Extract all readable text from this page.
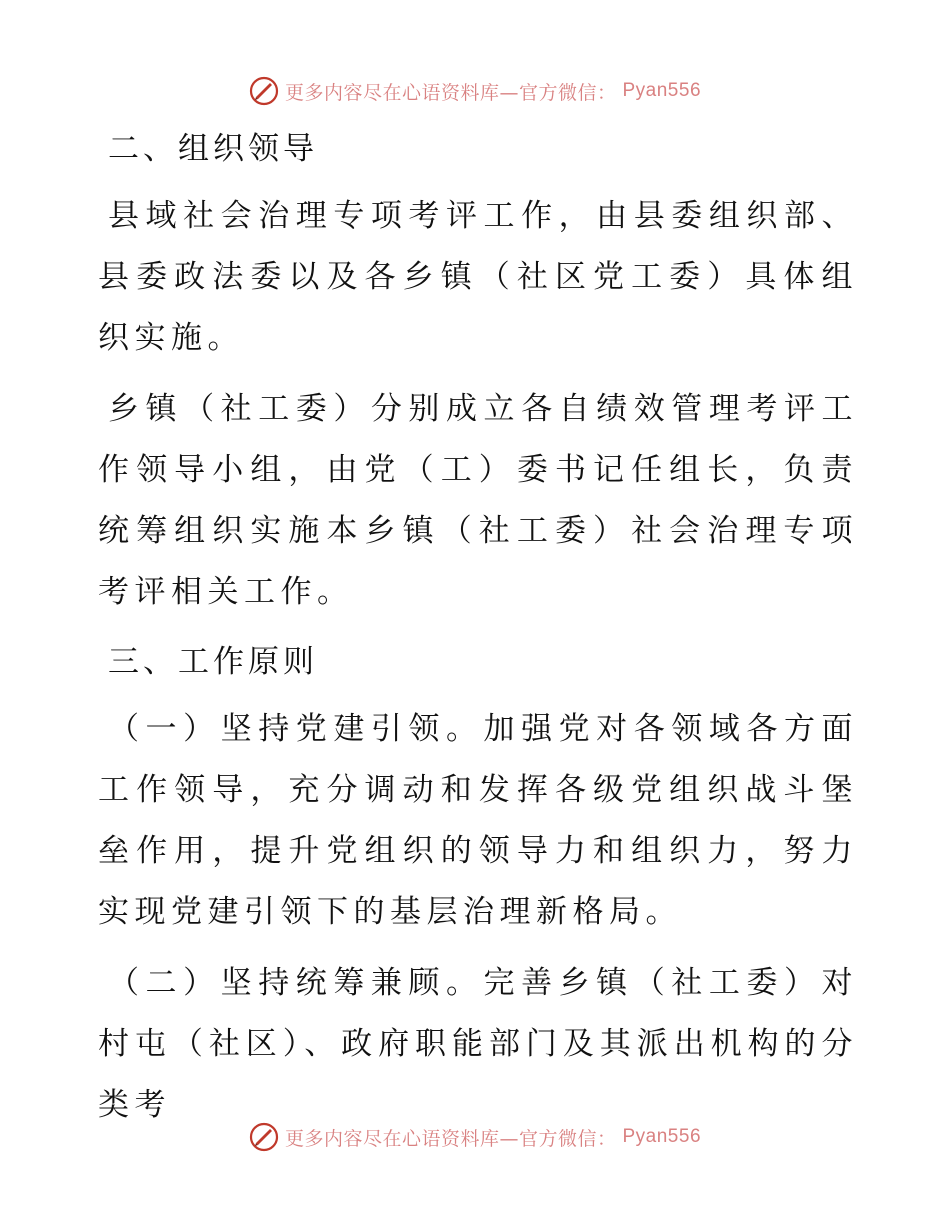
更多内容尽在心语资料库—官方微信： Pyan556
二、组织领导
县域社会治理专项考评工作，由县委组织部、县委政法委以及各乡镇（社区党工委）具体组织实施。
乡镇（社工委）分别成立各自绩效管理考评工作领导小组，由党（工）委书记任组长，负责统筹组织实施本乡镇（社工委）社会治理专项考评相关工作。
三、工作原则
（一）坚持党建引领。加强党对各领域各方面工作领导，充分调动和发挥各级党组织战斗堡垒作用，提升党组织的领导力和组织力，努力实现党建引领下的基层治理新格局。
（二）坚持统筹兼顾。完善乡镇（社工委）对村屯（社区）、政府职能部门及其派出机构的分类考
更多内容尽在心语资料库—官方微信： Pyan556
